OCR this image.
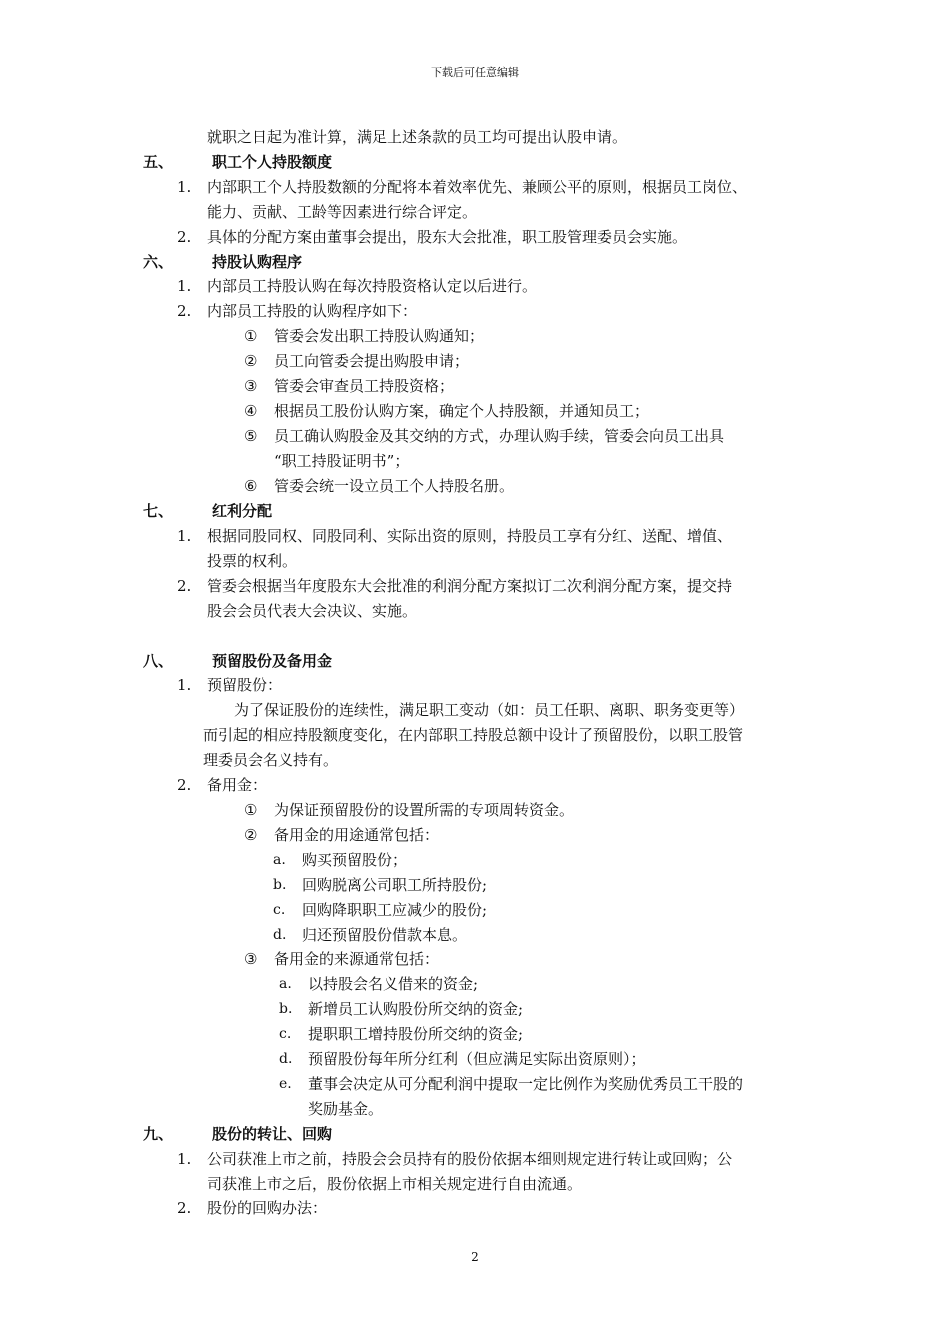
下载后可任意编辑
就职之日起为准计算，满足上述条款的员工均可提出认股申请。
五、	职工个人持股额度
1. 内部职工个人持股数额的分配将本着效率优先、兼顾公平的原则，根据员工岗位、
能力、贡献、工龄等因素进行综合评定。
2. 具体的分配方案由董事会提出，股东大会批准，职工股管理委员会实施。
六、	持股认购程序
1. 内部员工持股认购在每次持股资格认定以后进行。
2. 内部员工持股的认购程序如下：
① 管委会发出职工持股认购通知；
② 员工向管委会提出购股申请；
③ 管委会审查员工持股资格；
④ 根据员工股份认购方案，确定个人持股额，并通知员工；
⑤ 员工确认购股金及其交纳的方式，办理认购手续，管委会向员工出具
“职工持股证明书”；
⑥ 管委会统一设立员工个人持股名册。
七、	红利分配
1. 根据同股同权、同股同利、实际出资的原则，持股员工享有分红、送配、增值、
投票的权利。
2. 管委会根据当年度股东大会批准的利润分配方案拟订二次利润分配方案，提交持
股会会员代表大会决议、实施。
八、	预留股份及备用金
1. 预留股份：
为了保证股份的连续性，满足职工变动（如：员工任职、离职、职务变更等）
而引起的相应持股额度变化，在内部职工持股总额中设计了预留股份，以职工股管
理委员会名义持有。
2. 备用金：
① 为保证预留股份的设置所需的专项周转资金。
② 备用金的用途通常包括：
a. 购买预留股份；
b. 回购脱离公司职工所持股份;
c. 回购降职职工应减少的股份;
d. 归还预留股份借款本息。
③ 备用金的来源通常包括：
a. 以持股会名义借来的资金;
b. 新增员工认购股份所交纳的资金;
c. 提职职工增持股份所交纳的资金;
d. 预留股份每年所分红利（但应满足实际出资原则）；
e. 董事会决定从可分配利润中提取一定比例作为奖励优秀员工干股的
奖励基金。
九、	股份的转让、回购
1. 公司获准上市之前，持股会会员持有的股份依据本细则规定进行转让或回购；公
司获准上市之后，股份依据上市相关规定进行自由流通。
2. 股份的回购办法：
2
